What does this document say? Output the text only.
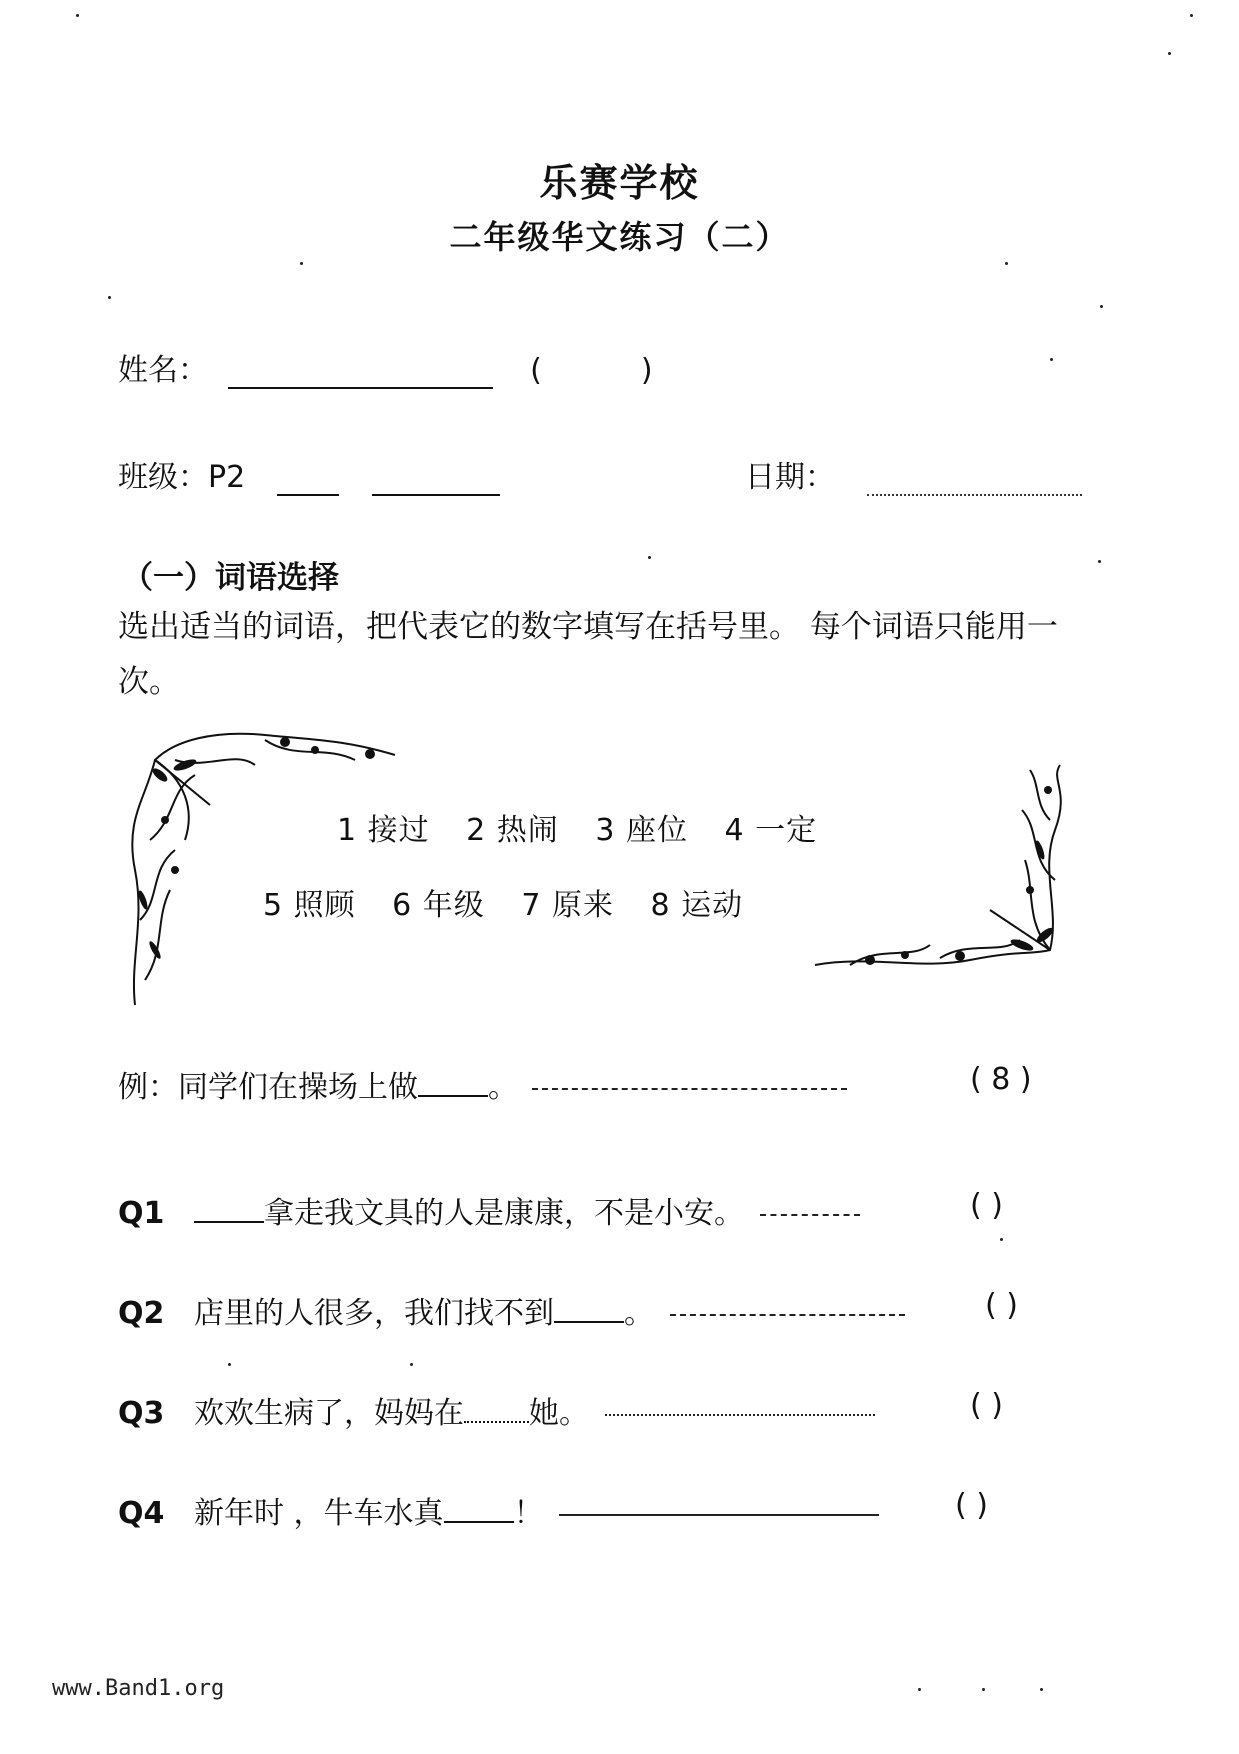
乐赛学校
二年级华文练习（二）
姓名：	(	)
班级：P2	日期：
（一）词语选择
选出适当的词语，把代表它的数字填写在括号里。 每个词语只能用一次。
1 接过 2 热闹 3 座位 4 一定
5 照顾 6 年级 7 原来 8 运动
例：同学们在操场上做 。	( 8 )
Q1	拿走我文具的人是康康，不是小安。	( )
Q2 店里的人很多，我们找不到 。	( )
Q3 欢欢生病了，妈妈在 她。	( )
Q4 新年时 ，牛车水真 ！	( )
www.Band1.org
